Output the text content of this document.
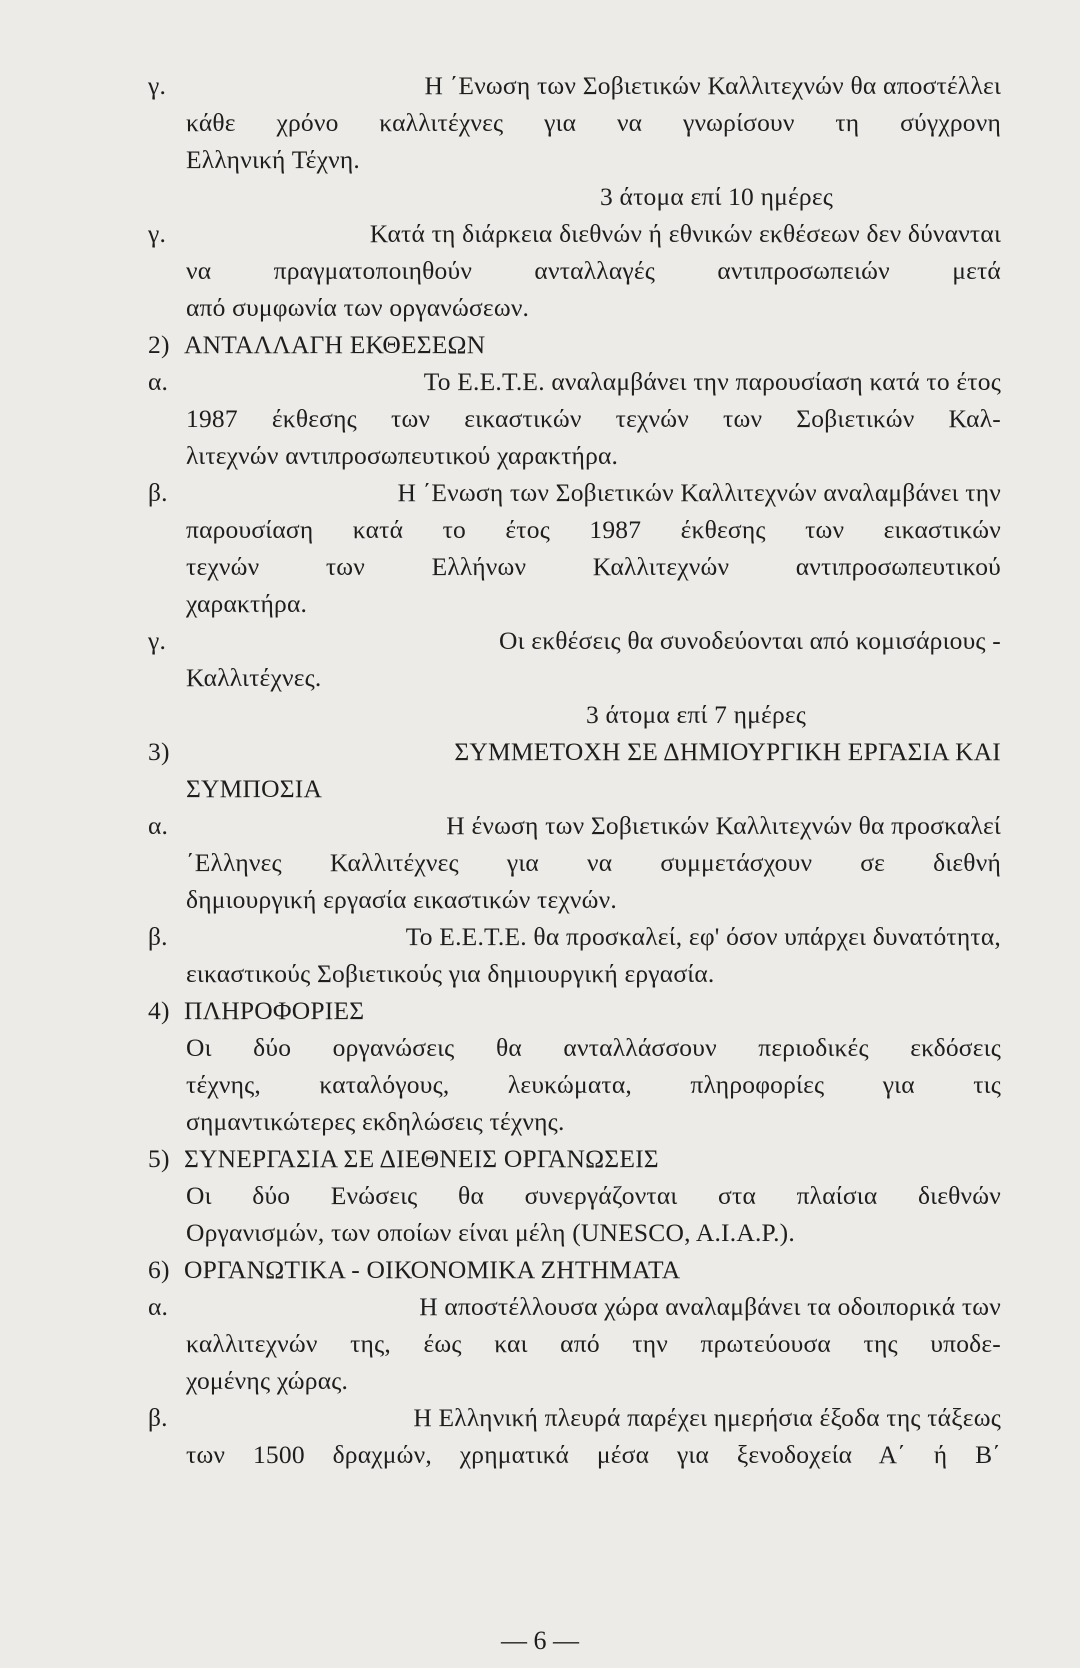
γ.	Η ΄Ενωση των Σοβιετικών Καλλιτεχνών θα αποστέλλει
κάθε χρόνο καλλιτέχνες για να γνωρίσουν τη σύγχρονη
Ελληνική Τέχνη.
3 άτομα επί 10 ημέρες
γ.	Κατά τη διάρκεια διεθνών ή εθνικών εκθέσεων δεν δύνανται
να πραγματοποιηθούν ανταλλαγές αντιπροσωπειών μετά
από συμφωνία των οργανώσεων.
2) ΑΝΤΑΛΛΑΓΗ ΕΚΘΕΣΕΩΝ
α.	Το Ε.Ε.Τ.Ε. αναλαμβάνει την παρουσίαση κατά το έτος
1987 έκθεσης των εικαστικών τεχνών των Σοβιετικών Καλ-
λιτεχνών αντιπροσωπευτικού χαρακτήρα.
β.	Η ΄Ενωση των Σοβιετικών Καλλιτεχνών αναλαμβάνει την
παρουσίαση κατά το έτος 1987 έκθεσης των εικαστικών
τεχνών των Ελλήνων Καλλιτεχνών αντιπροσωπευτικού
χαρακτήρα.
γ.	Οι εκθέσεις θα συνοδεύονται από κομισάριους -
Καλλιτέχνες.
3 άτομα επί 7 ημέρες
3)	ΣΥΜΜΕΤΟΧΗ ΣΕ ΔΗΜΙΟΥΡΓΙΚΗ ΕΡΓΑΣΙΑ ΚΑΙ
ΣΥΜΠΟΣΙΑ
α.	Η ένωση των Σοβιετικών Καλλιτεχνών θα προσκαλεί
΄Ελληνες Καλλιτέχνες για να συμμετάσχουν σε διεθνή
δημιουργική εργασία εικαστικών τεχνών.
β.	Το Ε.Ε.Τ.Ε. θα προσκαλεί, εφ' όσον υπάρχει δυνατότητα,
εικαστικούς Σοβιετικούς για δημιουργική εργασία.
4) ΠΛΗΡΟΦΟΡΙΕΣ
Οι δύο οργανώσεις θα ανταλλάσσουν περιοδικές εκδόσεις
τέχνης, καταλόγους, λευκώματα, πληροφορίες για τις
σημαντικώτερες εκδηλώσεις τέχνης.
5) ΣΥΝΕΡΓΑΣΙΑ ΣΕ ΔΙΕΘΝΕΙΣ ΟΡΓΑΝΩΣΕΙΣ
Οι δύο Ενώσεις θα συνεργάζονται στα πλαίσια διεθνών
Οργανισμών, των οποίων είναι μέλη (UNESCO, A.I.A.P.).
6) ΟΡΓΑΝΩΤΙΚΑ - ΟΙΚΟΝΟΜΙΚΑ ΖΗΤΗΜΑΤΑ
α.	Η αποστέλλουσα χώρα αναλαμβάνει τα οδοιπορικά των
καλλιτεχνών της, έως και από την πρωτεύουσα της υποδε-
χομένης χώρας.
β.	Η Ελληνική πλευρά παρέχει ημερήσια έξοδα της τάξεως
των 1500 δραχμών, χρηματικά μέσα για ξενοδοχεία Α΄ ή Β΄
— 6 —
